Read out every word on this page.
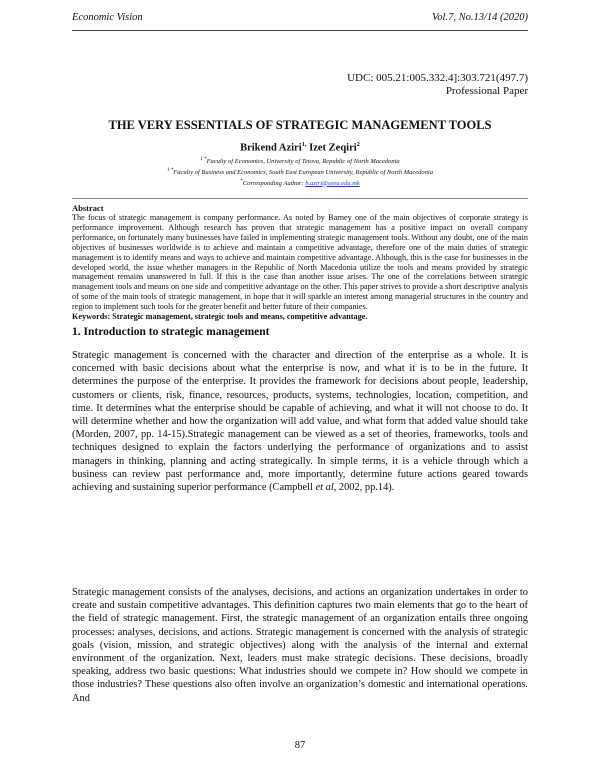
Economic Vision	Vol.7, No.13/14 (2020)
UDC: 005.21:005.332.4]:303.721(497.7)
Professional Paper
THE VERY ESSENTIALS OF STRATEGIC MANAGEMENT TOOLS
Brikend Aziri$^{1,}$ Izet Zeqiri$^2$
$^{1 *}$Faculty of Economics, University of Tetova, Republic of North Macedonia
$^{1 *}$Faculty of Business and Economics, South East European University, Republic of North Macedonia
*Corresponding Author: b.aziri@seeu.edu.mk
Abstract
The focus of strategic management is company performance. As noted by Barney one of the main objectives of corporate strategy is performance improvement. Although research has proven that strategic management has a positive impact on overall company performance, on fortunately many businesses have failed in implementing strategic management tools. Without any doubt, one of the main objectives of businesses worldwide is to achieve and maintain a competitive advantage, therefore one of the main duties of strategic management is to identify means and ways to achieve and maintain competitive advantage. Although, this is the case for businesses in the developed world, the issue whether managers in the Republic of North Macedonia utilize the tools and means provided by strategic management remains unanswered in full. If this is the case than another issue arises. The one of the correlations between strategic management tools and means on one side and competitive advantage on the other. This paper strives to provide a short descriptive analysis of some of the main tools of strategic management, in hope that it will sparkle an interest among managerial structures in the country and region to implement such tools for the greater benefit and better future of their companies.
Keywords: Strategic management, strategic tools and means, competitive advantage.
1. Introduction to strategic management
Strategic management is concerned with the character and direction of the enterprise as a whole. It is concerned with basic decisions about what the enterprise is now, and what it is to be in the future. It determines the purpose of the enterprise. It provides the framework for decisions about people, leadership, customers or clients, risk, finance, resources, products, systems, technologies, location, competition, and time. It determines what the enterprise should be capable of achieving, and what it will not choose to do. It will determine whether and how the organization will add value, and what form that added value should take (Morden, 2007, pp. 14-15).Strategic management can be viewed as a set of theories, frameworks, tools and techniques designed to explain the factors underlying the performance of organizations and to assist managers in thinking, planning and acting strategically. In simple terms, it is a vehicle through which a business can review past performance and, more importantly, determine future actions geared towards achieving and sustaining superior performance (Campbell et al, 2002, pp.14).
Strategic management consists of the analyses, decisions, and actions an organization undertakes in order to create and sustain competitive advantages. This definition captures two main elements that go to the heart of the field of strategic management. First, the strategic management of an organization entails three ongoing processes: analyses, decisions, and actions. Strategic management is concerned with the analysis of strategic goals (vision, mission, and strategic objectives) along with the analysis of the internal and external environment of the organization. Next, leaders must make strategic decisions. These decisions, broadly speaking, address two basic questions: What industries should we compete in? How should we compete in those industries? These questions also often involve an organization’s domestic and international operations. And
87
